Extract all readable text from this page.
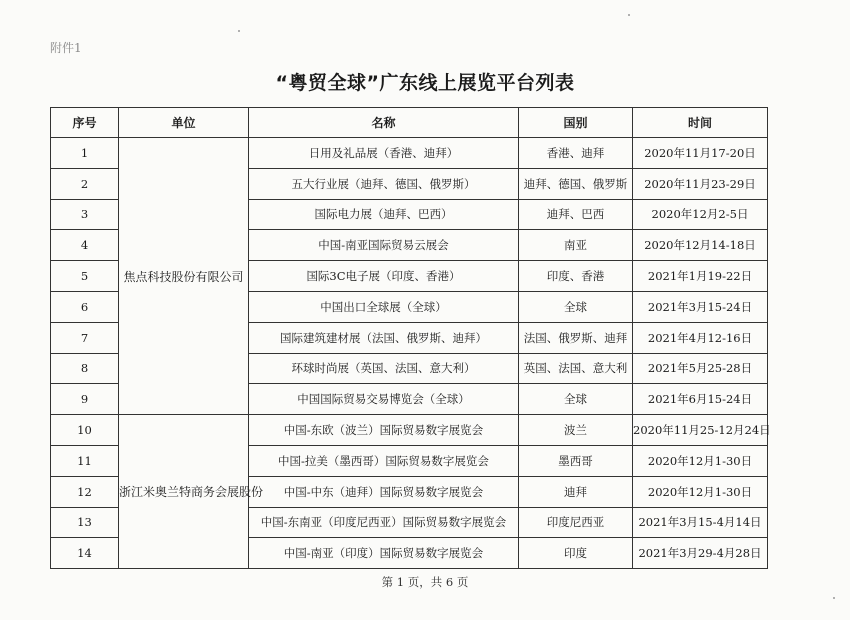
附件1
“粤贸全球”广东线上展览平台列表
序号	单位	名称	国别	时间
1	焦点科技股份有限公司	日用及礼品展（香港、迪拜）	香港、迪拜	2020年11月17-20日
2		五大行业展（迪拜、德国、俄罗斯）	迪拜、德国、俄罗斯	2020年11月23-29日
3		国际电力展（迪拜、巴西）	迪拜、巴西	2020年12月2-5日
4		中国-南亚国际贸易云展会	南亚	2020年12月14-18日
5		国际3C电子展（印度、香港）	印度、香港	2021年1月19-22日
6		中国出口全球展（全球）	全球	2021年3月15-24日
7		国际建筑建材展（法国、俄罗斯、迪拜）	法国、俄罗斯、迪拜	2021年4月12-16日
8		环球时尚展（英国、法国、意大利）	英国、法国、意大利	2021年5月25-28日
9		中国国际贸易交易博览会（全球）	全球	2021年6月15-24日
10	浙江米奥兰特商务会展股份	中国-东欧（波兰）国际贸易数字展览会	波兰	2020年11月25-12月24日
11		中国-拉美（墨西哥）国际贸易数字展览会	墨西哥	2020年12月1-30日
12		中国-中东（迪拜）国际贸易数字展览会	迪拜	2020年12月1-30日
13		中国-东南亚（印度尼西亚）国际贸易数字展览会	印度尼西亚	2021年3月15-4月14日
14		中国-南亚（印度）国际贸易数字展览会	印度	2021年3月29-4月28日
第 1 页，共 6 页
